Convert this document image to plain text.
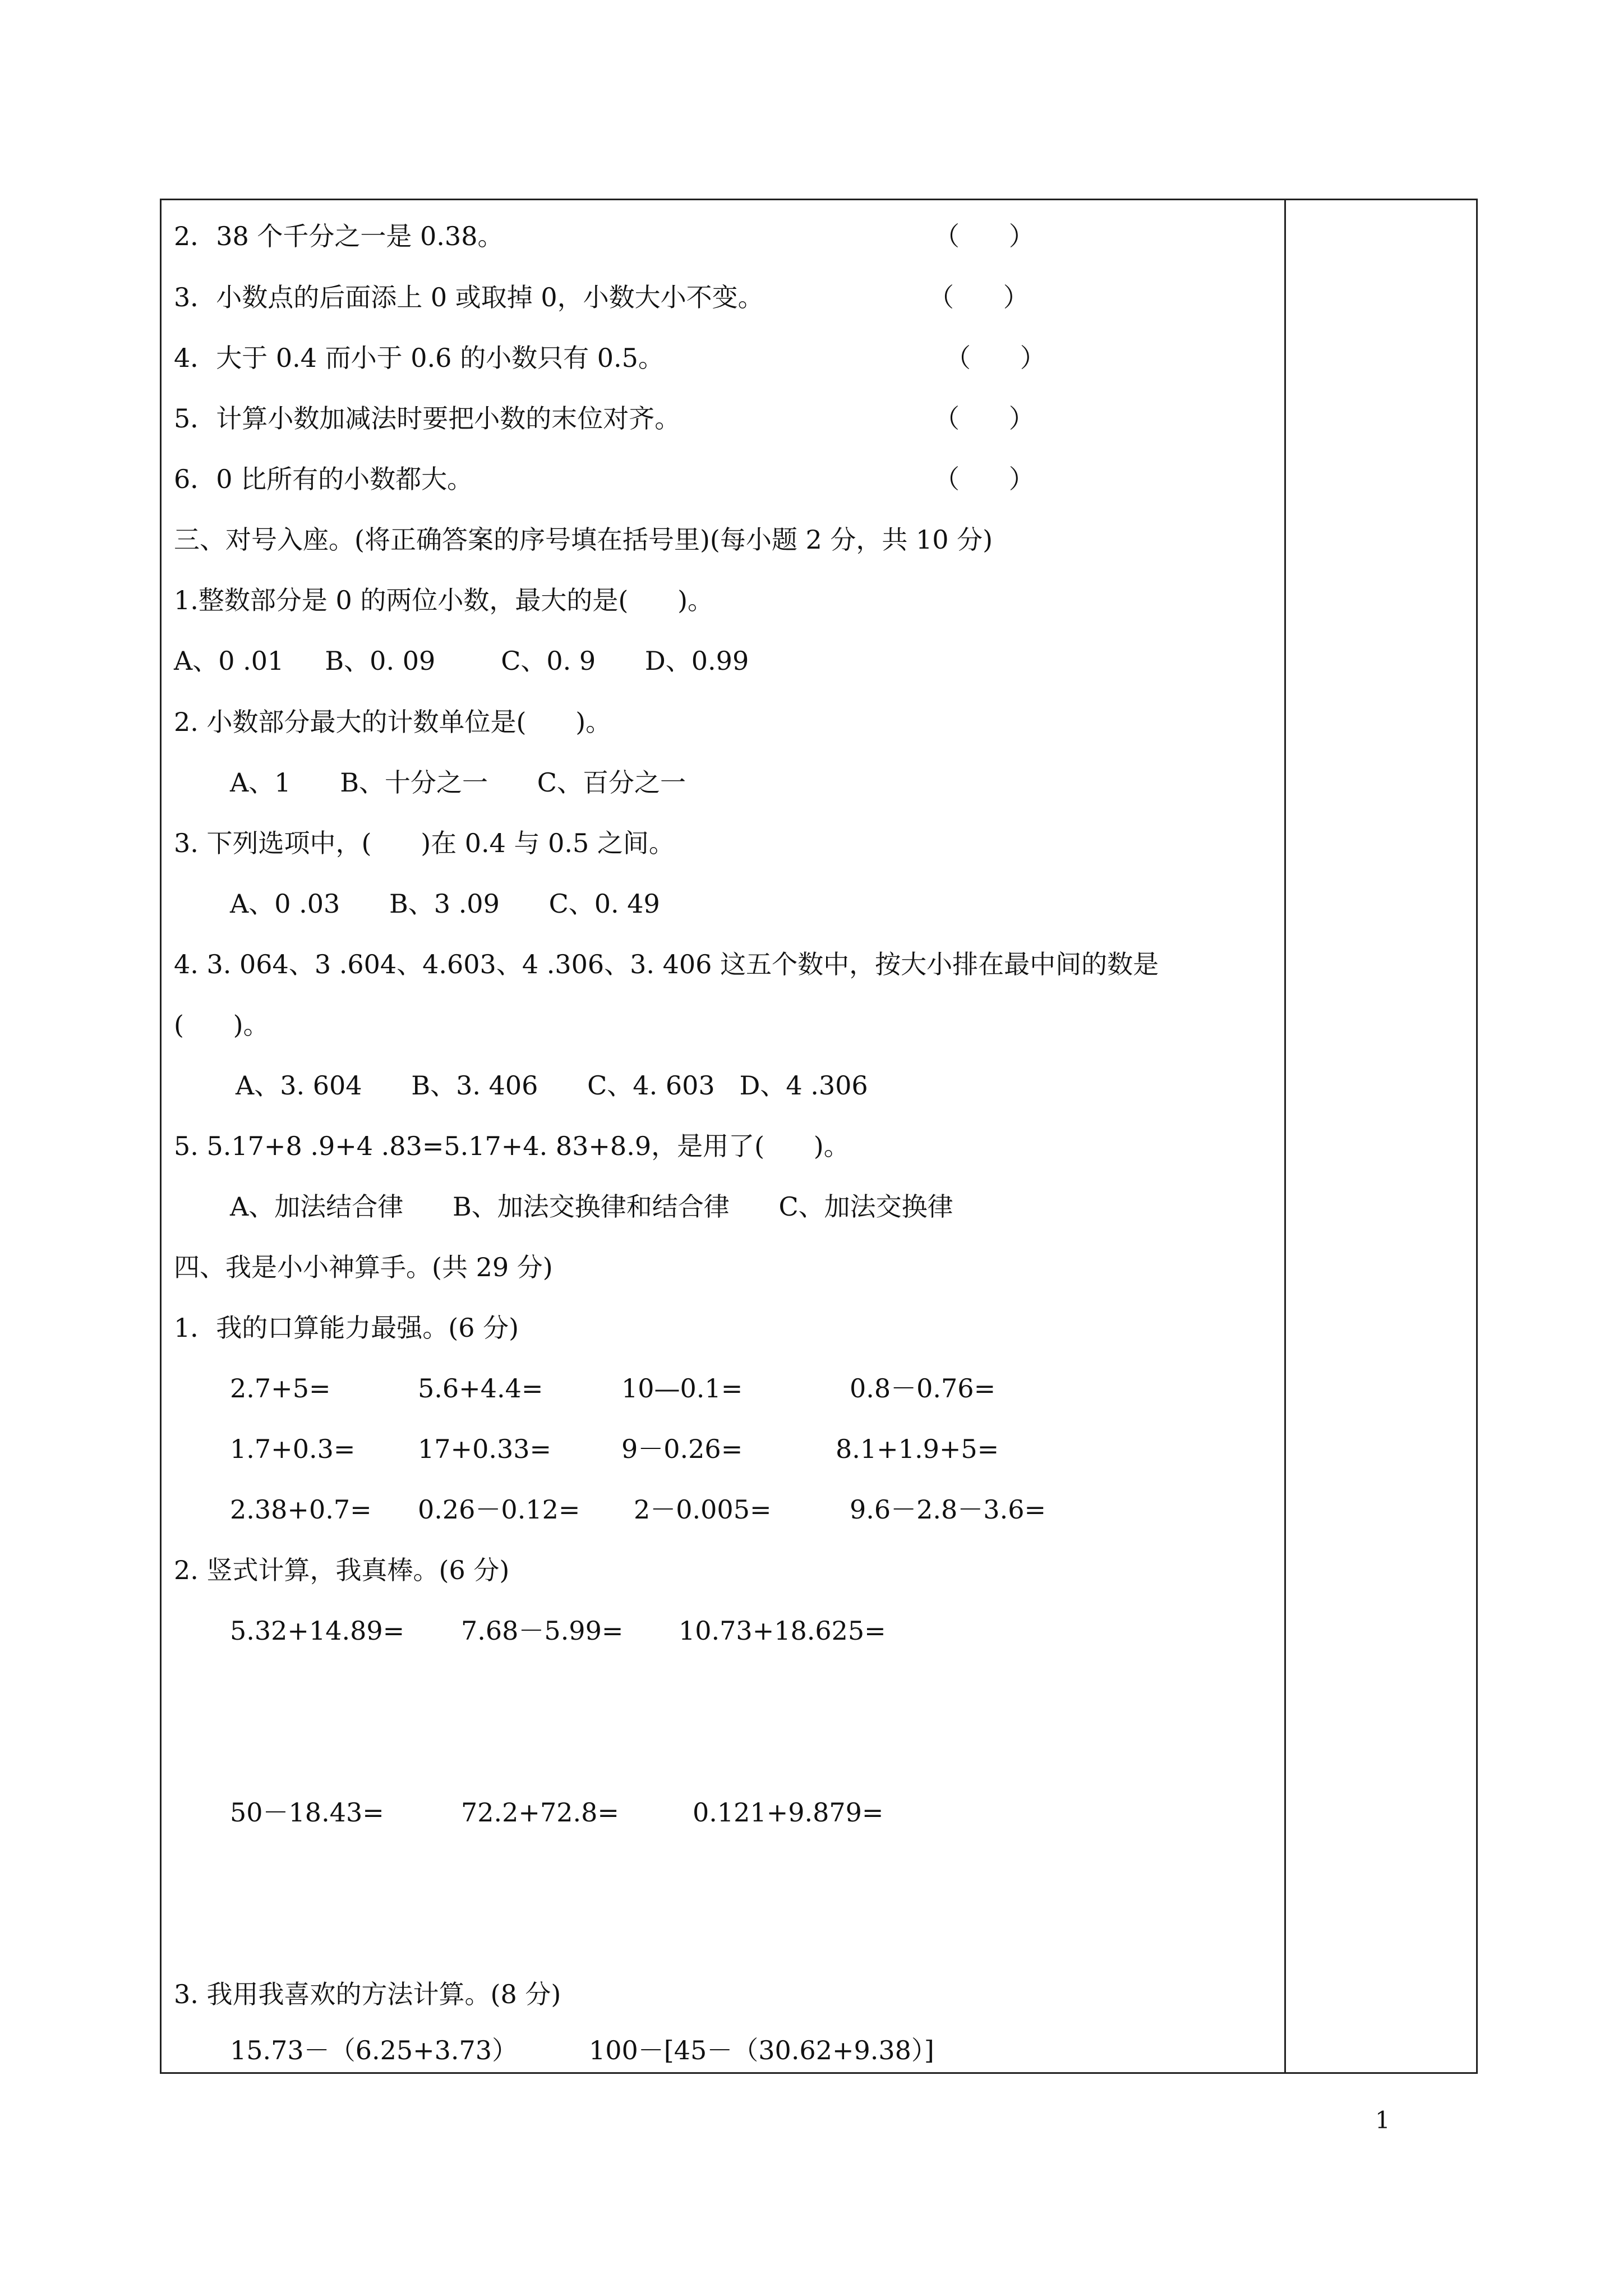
2．38 个千分之一是 0.38。	（      ）
3．小数点的后面添上 0 或取掉 0，小数大小不变。	（      ）
4．大于 0.4 而小于 0.6 的小数只有 0.5。	（      ）
5．计算小数加减法时要把小数的末位对齐。	（      ）
6．0 比所有的小数都大。	（      ）
三、对号入座。(将正确答案的序号填在括号里)(每小题 2 分，共 10 分)
1.整数部分是 0 的两位小数，最大的是(      )。
A、0 .01     B、0. 09        C、0. 9      D、0.99
2. 小数部分最大的计数单位是(      )。
A、1      B、十分之一      C、百分之一
3. 下列选项中，(      )在 0.4 与 0.5 之间。
A、0 .03      B、3 .09      C、0. 49
4. 3. 064、3 .604、4.603、4 .306、3. 406 这五个数中，按大小排在最中间的数是
(      )。
A、3. 604      B、3. 406      C、4. 603   D、4 .306
5. 5.17+8 .9+4 .83=5.17+4. 83+8.9，是用了(      )。
A、加法结合律      B、加法交换律和结合律      C、加法交换律
四、我是小小神算手。(共 29 分)
1．我的口算能力最强。(6 分)
2.7+5=	5.6+4.4=	10—0.1=	0.8－0.76=
1.7+0.3= 17+0.33=	9－0.26=	8.1+1.9+5=
2.38+0.7= 0.26－0.12= 2－0.005=	9.6－2.8－3.6=
2. 竖式计算，我真棒。(6 分)
5.32+14.89= 7.68－5.99= 10.73+18.625=
50－18.43=	72.2+72.8=	0.121+9.879=
3. 我用我喜欢的方法计算。(8 分)
15.73－（6.25+3.73）	100－[45－（30.62+9.38）]
1
